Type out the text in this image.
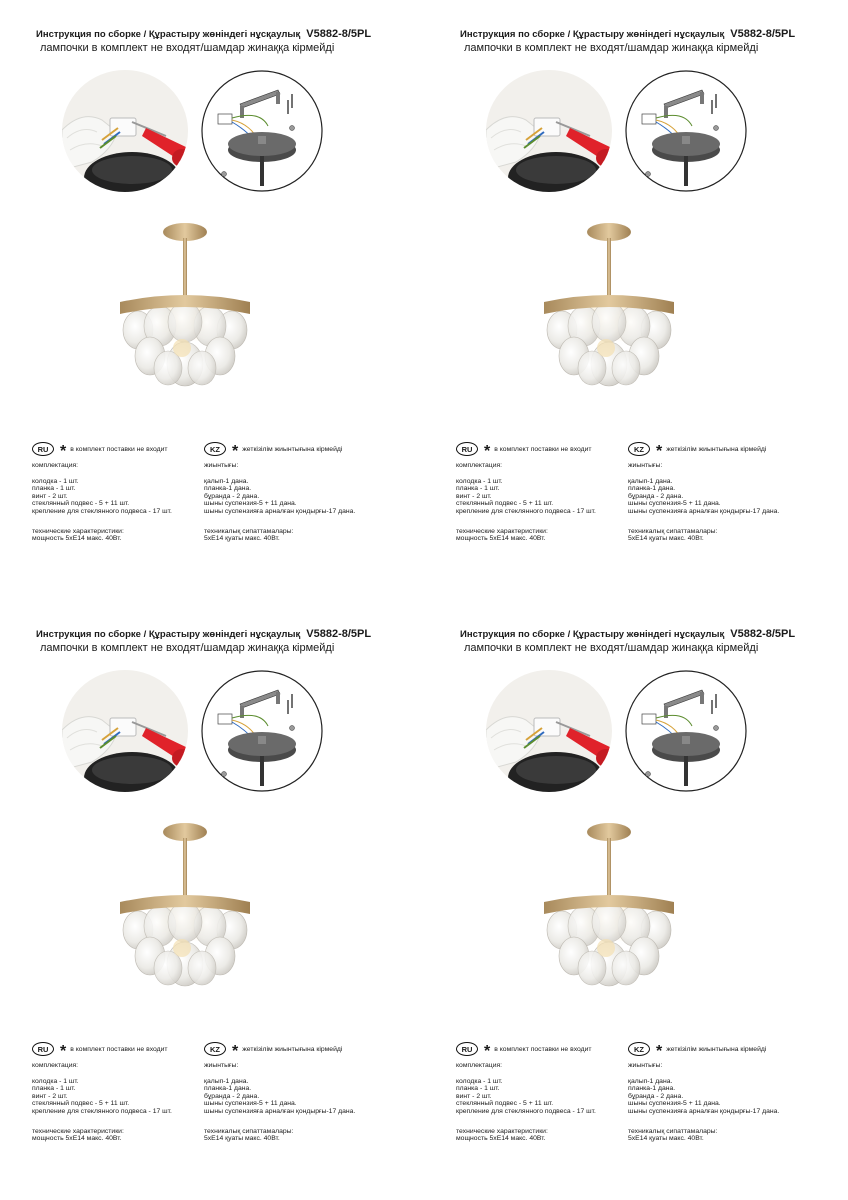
Инструкция по сборке / Құрастыру жөніндегі нұсқаулық V5882-8/5PL
лампочки в комплект не входят/шамдар жинаққа кірмейді
RU * в комплект поставки не входит	KZ * жеткізілім жиынтығына кірмейді
комплектация:
колодка - 1 шт.
планка - 1 шт.
винт - 2 шт.
стеклянный подвес - 5 + 11 шт.
крепление для стеклянного подвеса - 17 шт.
технические характеристики:
мощность 5xE14 макс. 40Вт.
жиынтығы:
қалып-1 дана.
планка-1 дана.
бұранда - 2 дана.
шыны суспензия-5 + 11 дана.
шыны суспензияға арналған қондырғы-17 дана.
техникалық сипаттамалары:
5xE14 қуаты макс. 40Вт.
Инструкция по сборке / Құрастыру жөніндегі нұсқаулық V5882-8/5PL
лампочки в комплект не входят/шамдар жинаққа кірмейді
RU * в комплект поставки не входит	KZ * жеткізілім жиынтығына кірмейді
комплектация:
колодка - 1 шт.
планка - 1 шт.
винт - 2 шт.
стеклянный подвес - 5 + 11 шт.
крепление для стеклянного подвеса - 17 шт.
технические характеристики:
мощность 5xE14 макс. 40Вт.
жиынтығы:
қалып-1 дана.
планка-1 дана.
бұранда - 2 дана.
шыны суспензия-5 + 11 дана.
шыны суспензияға арналған қондырғы-17 дана.
техникалық сипаттамалары:
5xE14 қуаты макс. 40Вт.
Инструкция по сборке / Құрастыру жөніндегі нұсқаулық V5882-8/5PL
лампочки в комплект не входят/шамдар жинаққа кірмейді
RU * в комплект поставки не входит	KZ * жеткізілім жиынтығына кірмейді
комплектация:
колодка - 1 шт.
планка - 1 шт.
винт - 2 шт.
стеклянный подвес - 5 + 11 шт.
крепление для стеклянного подвеса - 17 шт.
технические характеристики:
мощность 5xE14 макс. 40Вт.
жиынтығы:
қалып-1 дана.
планка-1 дана.
бұранда - 2 дана.
шыны суспензия-5 + 11 дана.
шыны суспензияға арналған қондырғы-17 дана.
техникалық сипаттамалары:
5xE14 қуаты макс. 40Вт.
Инструкция по сборке / Құрастыру жөніндегі нұсқаулық V5882-8/5PL
лампочки в комплект не входят/шамдар жинаққа кірмейді
RU * в комплект поставки не входит	KZ * жеткізілім жиынтығына кірмейді
комплектация:
колодка - 1 шт.
планка - 1 шт.
винт - 2 шт.
стеклянный подвес - 5 + 11 шт.
крепление для стеклянного подвеса - 17 шт.
технические характеристики:
мощность 5xE14 макс. 40Вт.
жиынтығы:
қалып-1 дана.
планка-1 дана.
бұранда - 2 дана.
шыны суспензия-5 + 11 дана.
шыны суспензияға арналған қондырғы-17 дана.
техникалық сипаттамалары:
5xE14 қуаты макс. 40Вт.
